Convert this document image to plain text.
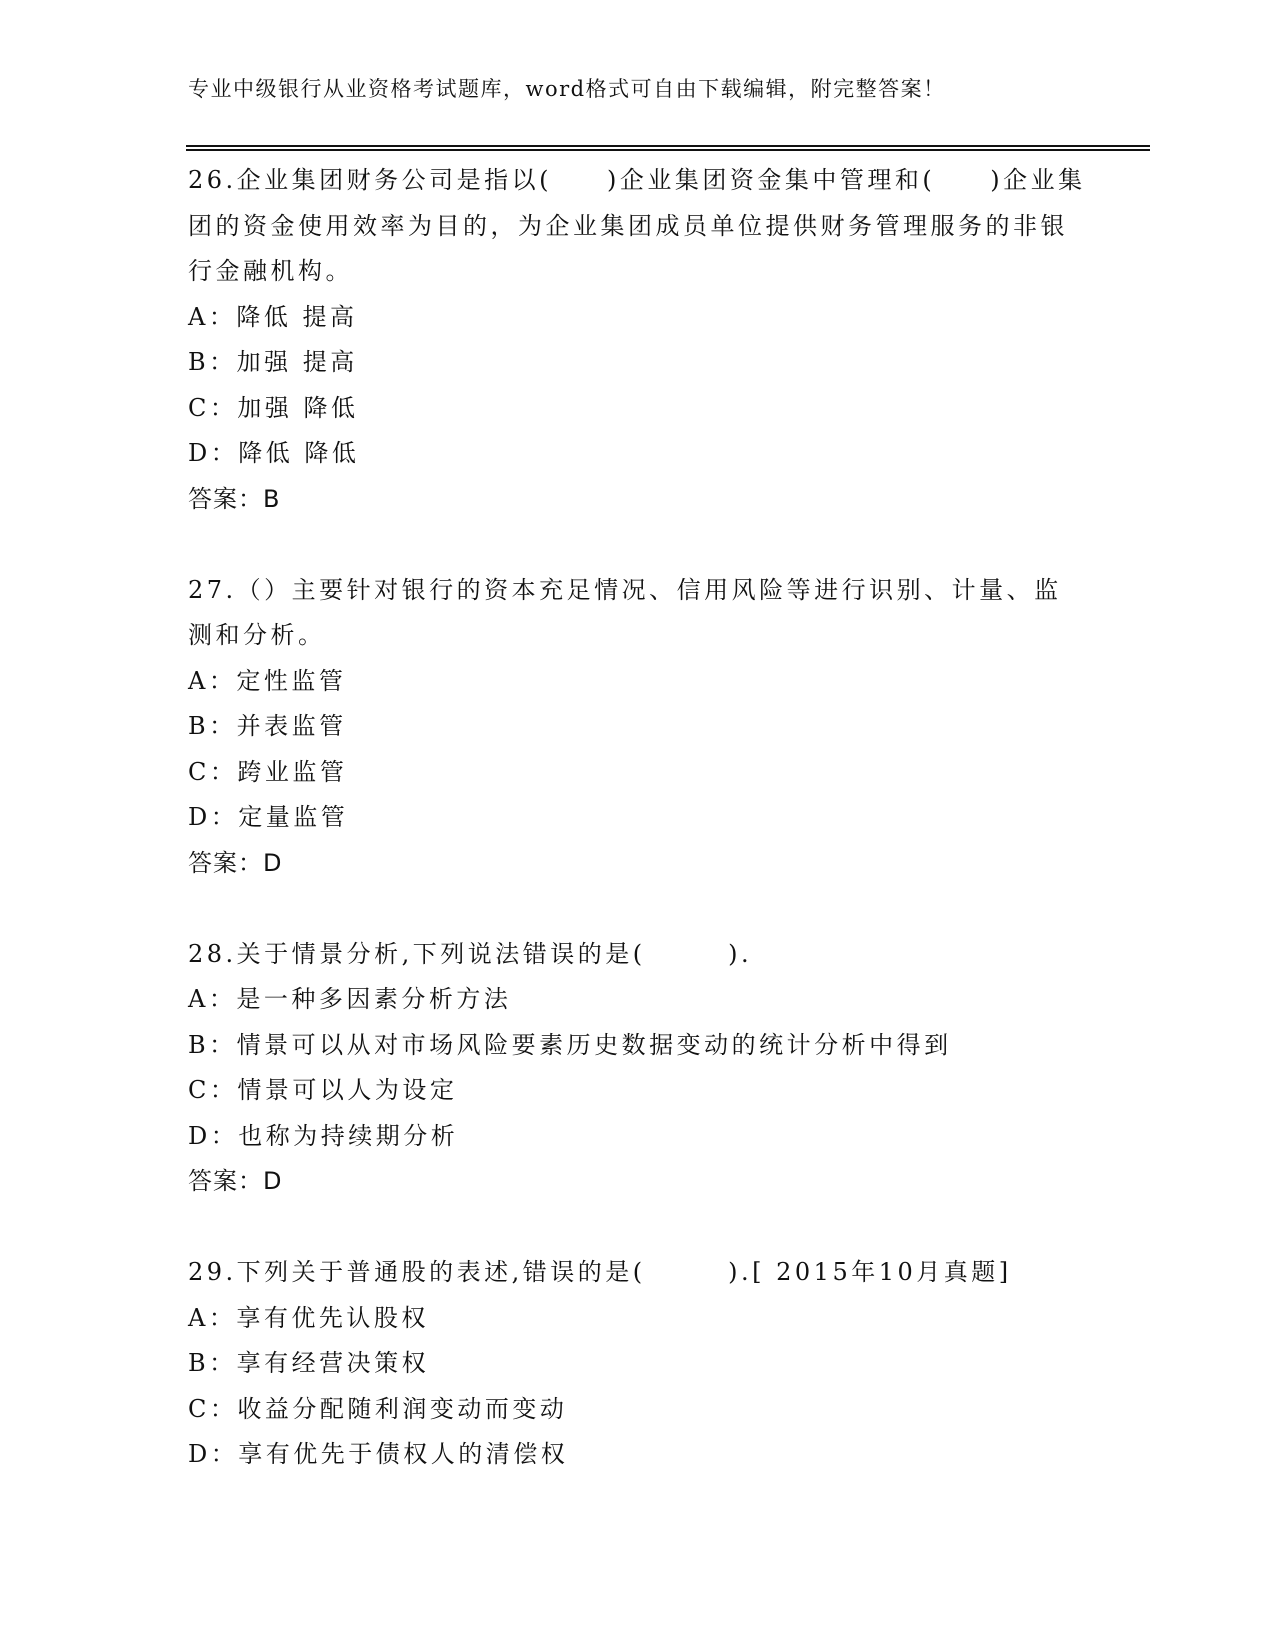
专业中级银行从业资格考试题库，word格式可自由下载编辑，附完整答案！

26.企业集团财务公司是指以(　　)企业集团资金集中管理和(　　)企业集团的资金使用效率为目的，为企业集团成员单位提供财务管理服务的非银行金融机构。

A：降低 提高

B：加强 提高

C：加强 降低

D：降低 降低

答案：B

27.（）主要针对银行的资本充足情况、信用风险等进行识别、计量、监测和分析。

A：定性监管

B：并表监管

C：跨业监管

D：定量监管

答案：D

28.关于情景分析,下列说法错误的是(　　　).

A：是一种多因素分析方法

B：情景可以从对市场风险要素历史数据变动的统计分析中得到

C：情景可以人为设定

D：也称为持续期分析

答案：D

29.下列关于普通股的表述,错误的是(　　　).[ 2015年10月真题]

A：享有优先认股权

B：享有经营决策权

C：收益分配随利润变动而变动

D：享有优先于债权人的清偿权
